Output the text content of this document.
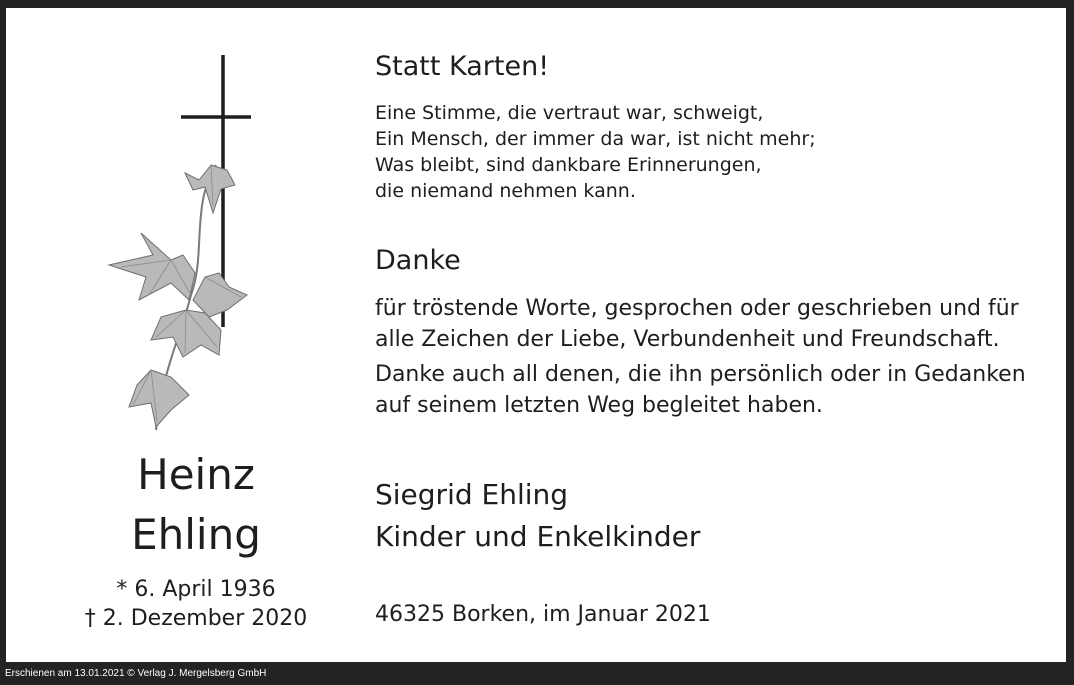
Heinz
Ehling
* 6. April 1936
† 2. Dezember 2020
Statt Karten!
Eine Stimme, die vertraut war, schweigt,
Ein Mensch, der immer da war, ist nicht mehr;
Was bleibt, sind dankbare Erinnerungen,
die niemand nehmen kann.
Danke
für tröstende Worte, gesprochen oder geschrieben und für
alle Zeichen der Liebe, Verbundenheit und Freundschaft.
Danke auch all denen, die ihn persönlich oder in Gedanken
auf seinem letzten Weg begleitet haben.
Siegrid Ehling
Kinder und Enkelkinder
46325 Borken, im Januar 2021
Erschienen am 13.01.2021 © Verlag J. Mergelsberg GmbH
